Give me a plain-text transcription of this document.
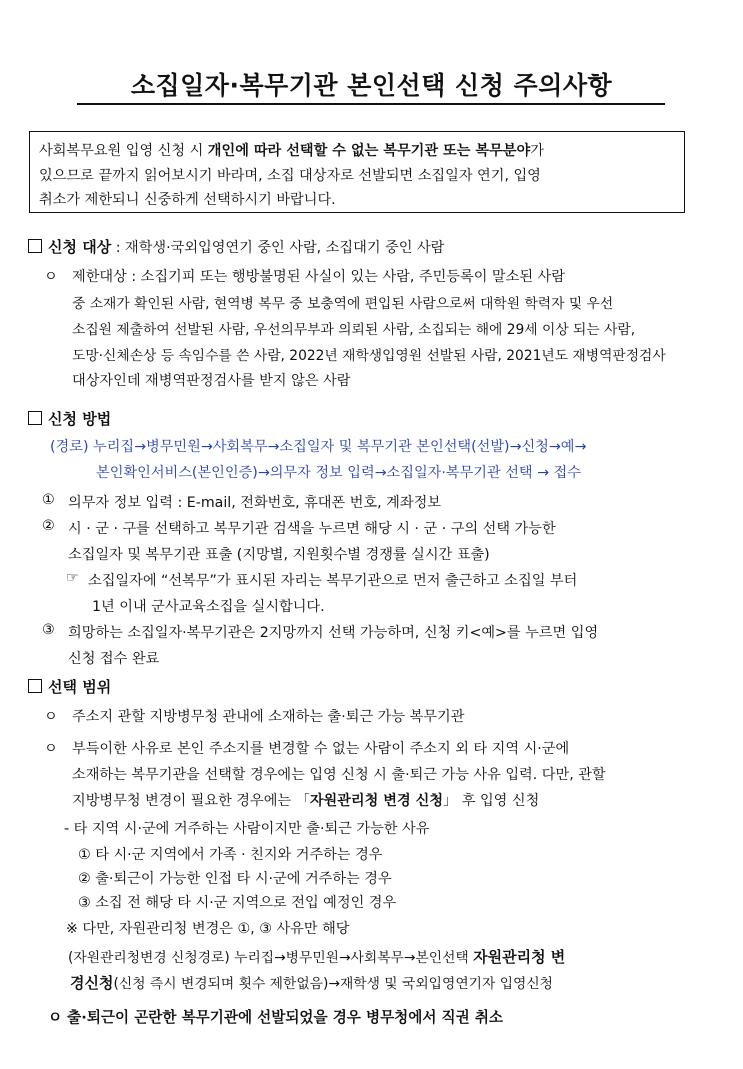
소집일자·복무기관 본인선택 신청 주의사항
사회복무요원 입영 신청 시 개인에 따라 선택할 수 없는 복무기관 또는 복무분야가
있으므로 끝까지 읽어보시기 바라며, 소집 대상자로 선발되면 소집일자 연기, 입영
취소가 제한되니 신중하게 선택하시기 바랍니다.
신청 대상 : 재학생·국외입영연기 중인 사람, 소집대기 중인 사람
ㅇ 제한대상 : 소집기피 또는 행방불명된 사실이 있는 사람, 주민등록이 말소된 사람
중 소재가 확인된 사람, 현역병 복무 중 보충역에 편입된 사람으로써 대학원 학력자 및 우선
소집원 제출하여 선발된 사람, 우선의무부과 의뢰된 사람, 소집되는 해에 29세 이상 되는 사람,
도망·신체손상 등 속임수를 쓴 사람, 2022년 재학생입영원 선발된 사람, 2021년도 재병역판정검사
대상자인데 재병역판정검사를 받지 않은 사람
신청 방법
(경로) 누리집→병무민원→사회복무→소집일자 및 복무기관 본인선택(선발)→신청→예→
본인확인서비스(본인인증)→의무자 정보 입력→소집일자·복무기관 선택 → 접수
① 의무자 정보 입력 : E-mail, 전화번호, 휴대폰 번호, 계좌정보
② 시 · 군 · 구를 선택하고 복무기관 검색을 누르면 해당 시 · 군 · 구의 선택 가능한
소집일자 및 복무기관 표출 (지망별, 지원횟수별 경쟁률 실시간 표출)
☞ 소집일자에 “선복무”가 표시된 자리는 복무기관으로 먼저 출근하고 소집일 부터
1년 이내 군사교육소집을 실시합니다.
③ 희망하는 소집일자·복무기관은 2지망까지 선택 가능하며, 신청 키<예>를 누르면 입영
신청 접수 완료
선택 범위
ㅇ 주소지 관할 지방병무청 관내에 소재하는 출·퇴근 가능 복무기관
ㅇ 부득이한 사유로 본인 주소지를 변경할 수 없는 사람이 주소지 외 타 지역 시·군에
소재하는 복무기관을 선택할 경우에는 입영 신청 시 출·퇴근 가능 사유 입력. 다만, 관할
지방병무청 변경이 필요한 경우에는 「자원관리청 변경 신청」 후 입영 신청
- 타 지역 시·군에 거주하는 사람이지만 출·퇴근 가능한 사유
① 타 시·군 지역에서 가족 · 친지와 거주하는 경우
② 출·퇴근이 가능한 인접 타 시·군에 거주하는 경우
③ 소집 전 해당 타 시·군 지역으로 전입 예정인 경우
※ 다만, 자원관리청 변경은 ①, ③ 사유만 해당
(자원관리청변경 신청경로) 누리집→병무민원→사회복무→본인선택 자원관리청 변
경신청(신청 즉시 변경되며 횟수 제한없음)→재학생 및 국외입영연기자 입영신청
ㅇ 출·퇴근이 곤란한 복무기관에 선발되었을 경우 병무청에서 직권 취소
